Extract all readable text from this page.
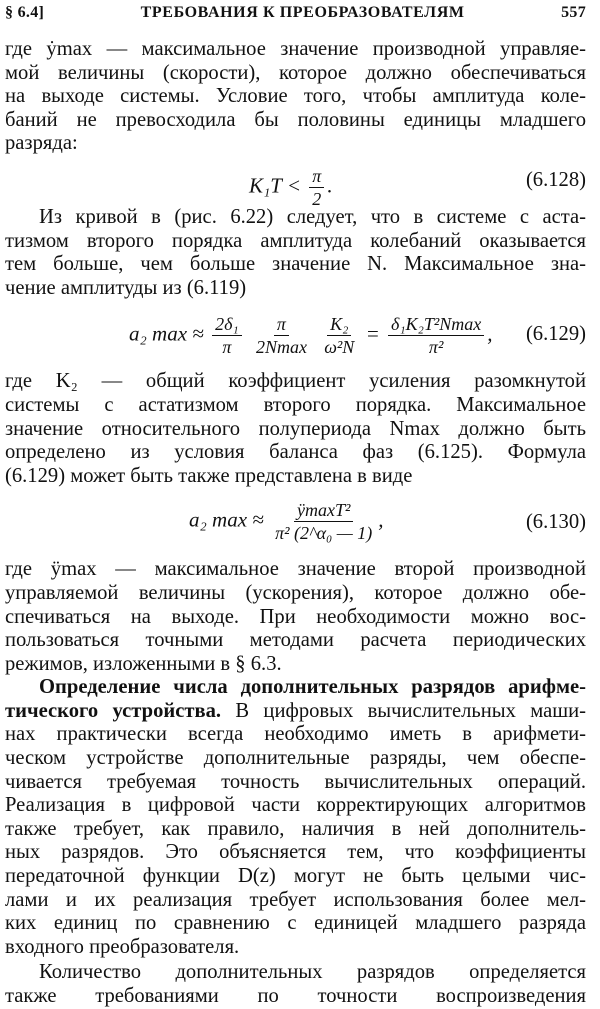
§ 6.4]	ТРЕБОВАНИЯ К ПРЕОБРАЗОВАТЕЛЯМ	557
где ẏmax — максимальное значение производной управляе-
мой величины (скорости), которое должно обеспечиваться
на выходе системы. Условие того, чтобы амплитуда коле-
баний не превосходила бы половины единицы младшего
разряда:
$K_1T < \frac{\pi}{2}$ .	(6.128)
Из кривой в (рис. 6.22) следует, что в системе с аста-
тизмом второго порядка амплитуда колебаний оказывается
тем больше, чем больше значение N. Максимальное зна-
чение амплитуды из (6.119)
a₂ $\max \approx \frac{\text{2δ₁}}{\pi}$
$\frac{\pi}{2Nmax}$
$\frac{\text{K₂}}{\text{ω²N}} = \frac{\text{δ₁K₂T²Nmax}}{\text{π²}}$ , (6.129)
где K₂ — общий коэффициент усиления разомкнутой
системы с астатизмом второго порядка. Максимальное
значение относительного полупериода Nmax должно быть
определено из условия баланса фаз (6.125). Формула
(6.129) может быть также представлена в виде
a₂ $\max \approx \frac{\text{ÿmaxT²}}{\text{π² (2\textasciicircum{}α₀ — 1)}}$ ,	(6.130)
где ÿmax — максимальное значение второй производной
управляемой величины (ускорения), которое должно обе-
спечиваться на выходе. При необходимости можно вос-
пользоваться точными методами расчета периодических
режимов, изложенными в § 6.3.
Определение числа дополнительных разрядов арифме-
тического устройства. В цифровых вычислительных маши-
нах практически всегда необходимо иметь в арифмети-
ческом устройстве дополнительные разряды, чем обеспе-
чивается требуемая точность вычислительных операций.
Реализация в цифровой части корректирующих алгоритмов
также требует, как правило, наличия в ней дополнитель-
ных разрядов. Это объясняется тем, что коэффициенты
передаточной функции D(z) могут не быть целыми чис-
лами и их реализация требует использования более мел-
ких единиц по сравнению с единицей младшего разряда
входного преобразователя.
Количество дополнительных разрядов определяется
также требованиями по точности воспроизведения
